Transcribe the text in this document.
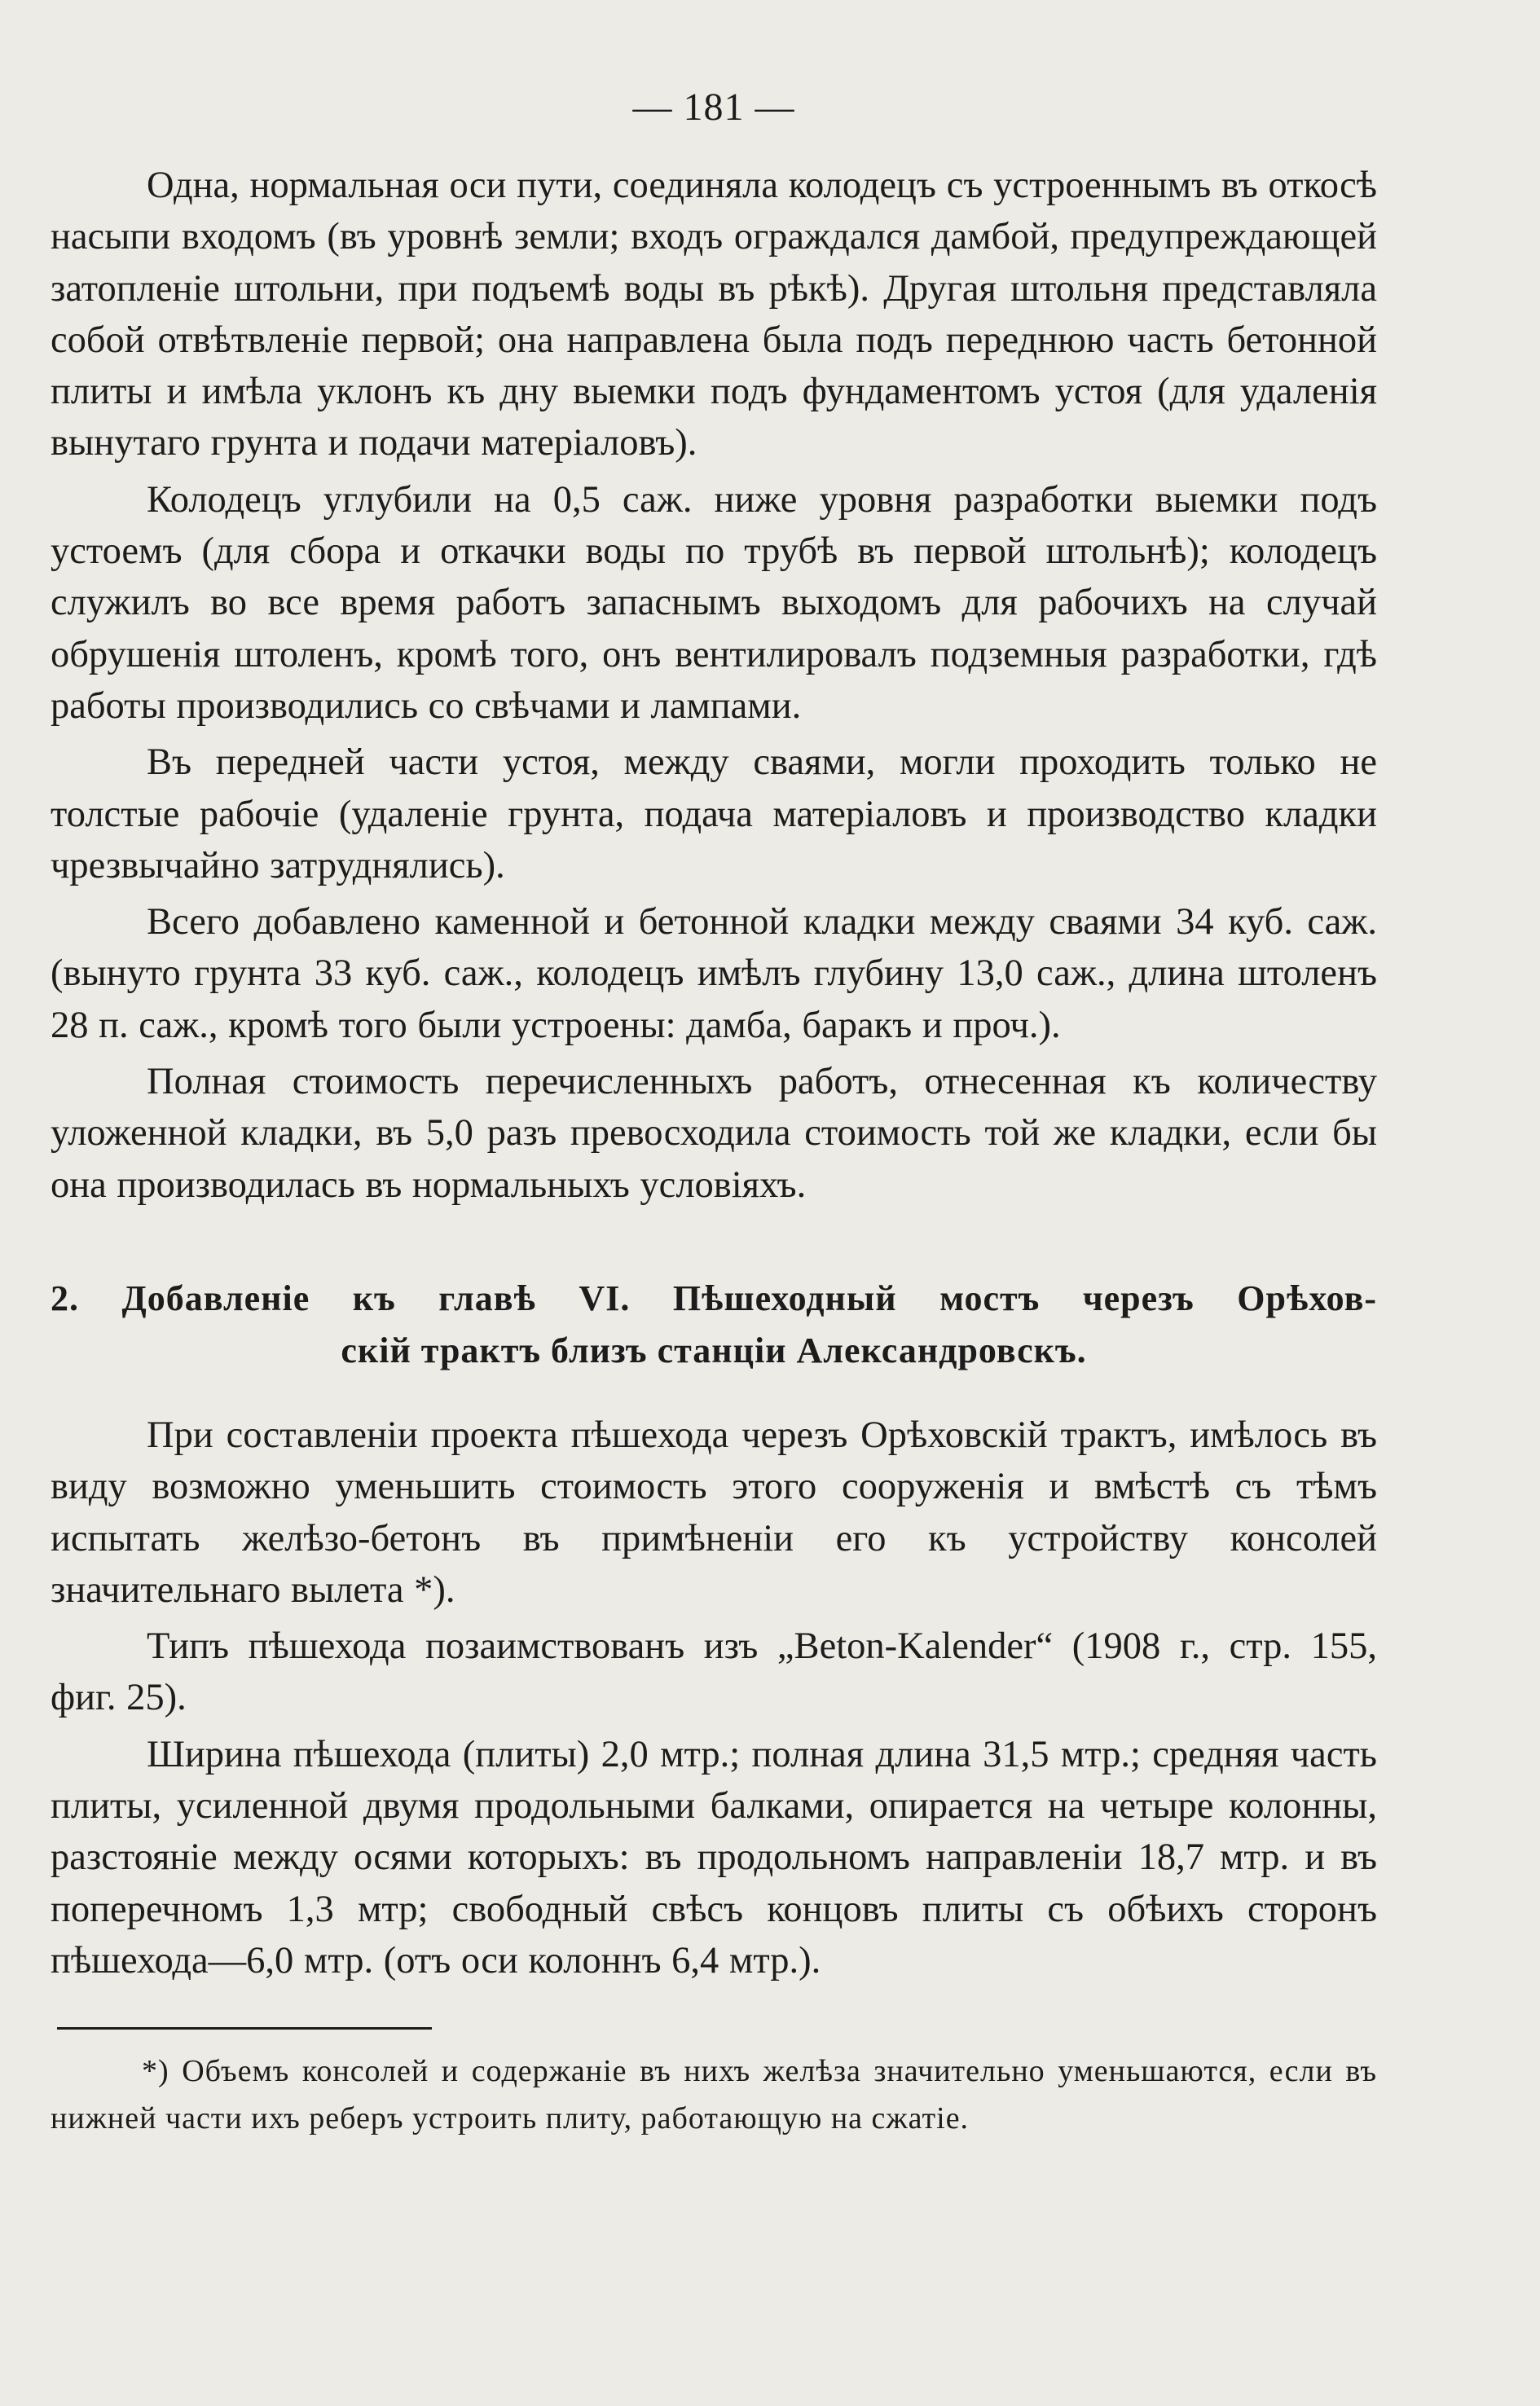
— 181 —

Одна, нормальная оси пути, соединяла колодецъ съ устроеннымъ въ откосѣ насыпи входомъ (въ уровнѣ земли; входъ ограждался дамбой, предупреждающей затопленіе штольни, при подъемѣ воды въ рѣкѣ). Другая штольня представляла собой отвѣтвленіе первой; она направлена была подъ переднюю часть бетонной плиты и имѣла уклонъ къ дну выемки подъ фундаментомъ устоя (для удаленія вынутаго грунта и подачи матеріаловъ).

Колодецъ углубили на 0,5 саж. ниже уровня разработки выемки подъ устоемъ (для сбора и откачки воды по трубѣ въ первой штольнѣ); колодецъ служилъ во все время работъ запаснымъ выходомъ для рабочихъ на случай обрушенія штоленъ, кромѣ того, онъ вентилировалъ подземныя разработки, гдѣ работы производились со свѣчами и лампами.

Въ передней части устоя, между сваями, могли проходить только не толстые рабочіе (удаленіе грунта, подача матеріаловъ и производство кладки чрезвычайно затруднялись).

Всего добавлено каменной и бетонной кладки между сваями 34 куб. саж. (вынуто грунта 33 куб. саж., колодецъ имѣлъ глубину 13,0 саж., длина штоленъ 28 п. саж., кромѣ того были устроены: дамба, баракъ и проч.).

Полная стоимость перечисленныхъ работъ, отнесенная къ количеству уложенной кладки, въ 5,0 разъ превосходила стоимость той же кладки, если бы она производилась въ нормальныхъ условіяхъ.

2. Добавленіе къ главѣ VI. Пѣшеходный мостъ черезъ Орѣхов-
скій трактъ близъ станціи Александровскъ.

При составленіи проекта пѣшехода черезъ Орѣховскій трактъ, имѣлось въ виду возможно уменьшить стоимость этого сооруженія и вмѣстѣ съ тѣмъ испытать желѣзо-бетонъ въ примѣненіи его къ устройству консолей значительнаго вылета *).

Типъ пѣшехода позаимствованъ изъ „Beton-Kalender“ (1908 г., стр. 155, фиг. 25).

Ширина пѣшехода (плиты) 2,0 мтр.; полная длина 31,5 мтр.; средняя часть плиты, усиленной двумя продольными балками, опирается на четыре колонны, разстояніе между осями которыхъ: въ продольномъ направленіи 18,7 мтр. и въ поперечномъ 1,3 мтр; свободный свѣсъ концовъ плиты съ обѣихъ сторонъ пѣшехода—6,0 мтр. (отъ оси колоннъ 6,4 мтр.).

*) Объемъ консолей и содержаніе въ нихъ желѣза значительно уменьшаются, если въ нижней части ихъ реберъ устроить плиту, работающую на сжатіе.
